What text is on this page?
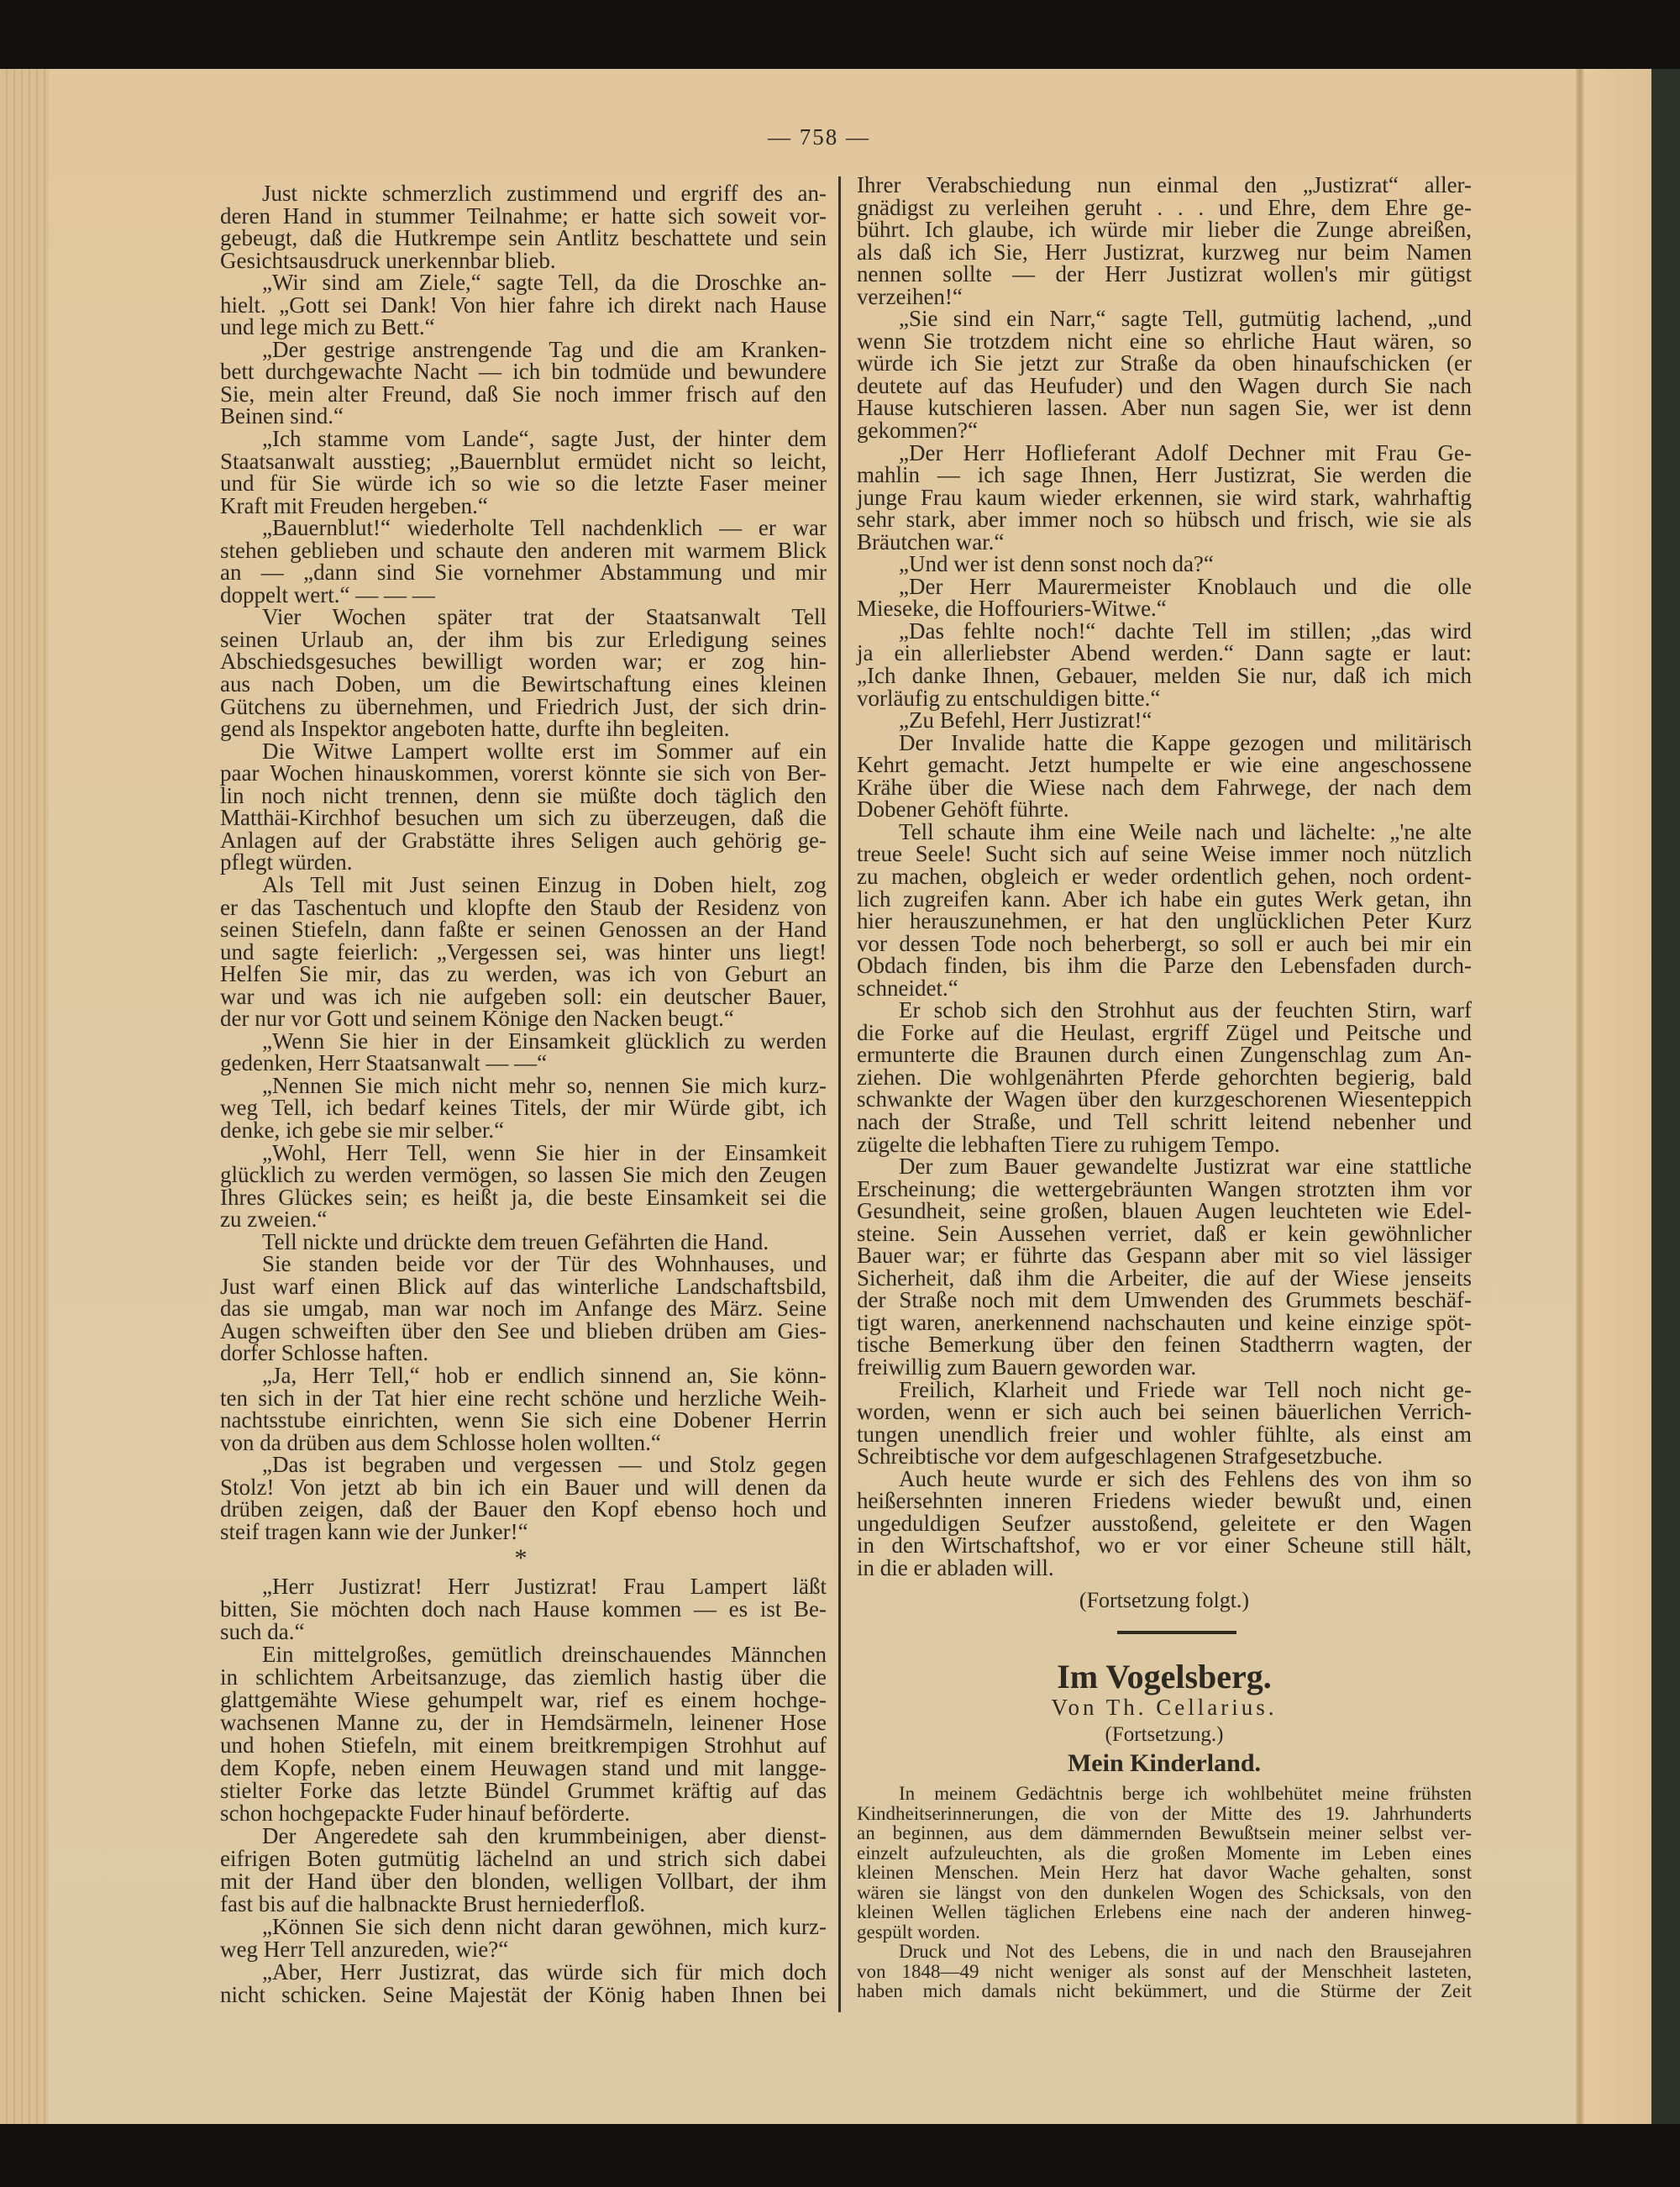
— 758 —
Just nickte schmerzlich zustimmend und ergriff des an-
deren Hand in stummer Teilnahme; er hatte sich soweit vor-
gebeugt, daß die Hutkrempe sein Antlitz beschattete und sein
Gesichtsausdruck unerkennbar blieb.
„Wir sind am Ziele,“ sagte Tell, da die Droschke an-
hielt. „Gott sei Dank! Von hier fahre ich direkt nach Hause
und lege mich zu Bett.“
„Der gestrige anstrengende Tag und die am Kranken-
bett durchgewachte Nacht — ich bin todmüde und bewundere
Sie, mein alter Freund, daß Sie noch immer frisch auf den
Beinen sind.“
„Ich stamme vom Lande“, sagte Just, der hinter dem
Staatsanwalt ausstieg; „Bauernblut ermüdet nicht so leicht,
und für Sie würde ich so wie so die letzte Faser meiner
Kraft mit Freuden hergeben.“
„Bauernblut!“ wiederholte Tell nachdenklich — er war
stehen geblieben und schaute den anderen mit warmem Blick
an — „dann sind Sie vornehmer Abstammung und mir
doppelt wert.“ — — —
Vier Wochen später trat der Staatsanwalt Tell
seinen Urlaub an, der ihm bis zur Erledigung seines
Abschiedsgesuches bewilligt worden war; er zog hin-
aus nach Doben, um die Bewirtschaftung eines kleinen
Gütchens zu übernehmen, und Friedrich Just, der sich drin-
gend als Inspektor angeboten hatte, durfte ihn begleiten.
Die Witwe Lampert wollte erst im Sommer auf ein
paar Wochen hinauskommen, vorerst könnte sie sich von Ber-
lin noch nicht trennen, denn sie müßte doch täglich den
Matthäi-Kirchhof besuchen um sich zu überzeugen, daß die
Anlagen auf der Grabstätte ihres Seligen auch gehörig ge-
pflegt würden.
Als Tell mit Just seinen Einzug in Doben hielt, zog
er das Taschentuch und klopfte den Staub der Residenz von
seinen Stiefeln, dann faßte er seinen Genossen an der Hand
und sagte feierlich: „Vergessen sei, was hinter uns liegt!
Helfen Sie mir, das zu werden, was ich von Geburt an
war und was ich nie aufgeben soll: ein deutscher Bauer,
der nur vor Gott und seinem Könige den Nacken beugt.“
„Wenn Sie hier in der Einsamkeit glücklich zu werden
gedenken, Herr Staatsanwalt — —“
„Nennen Sie mich nicht mehr so, nennen Sie mich kurz-
weg Tell, ich bedarf keines Titels, der mir Würde gibt, ich
denke, ich gebe sie mir selber.“
„Wohl, Herr Tell, wenn Sie hier in der Einsamkeit
glücklich zu werden vermögen, so lassen Sie mich den Zeugen
Ihres Glückes sein; es heißt ja, die beste Einsamkeit sei die
zu zweien.“
Tell nickte und drückte dem treuen Gefährten die Hand.
Sie standen beide vor der Tür des Wohnhauses, und
Just warf einen Blick auf das winterliche Landschaftsbild,
das sie umgab, man war noch im Anfange des März. Seine
Augen schweiften über den See und blieben drüben am Gies-
dorfer Schlosse haften.
„Ja, Herr Tell,“ hob er endlich sinnend an, Sie könn-
ten sich in der Tat hier eine recht schöne und herzliche Weih-
nachtsstube einrichten, wenn Sie sich eine Dobener Herrin
von da drüben aus dem Schlosse holen wollten.“
„Das ist begraben und vergessen — und Stolz gegen
Stolz! Von jetzt ab bin ich ein Bauer und will denen da
drüben zeigen, daß der Bauer den Kopf ebenso hoch und
steif tragen kann wie der Junker!“
*
„Herr Justizrat! Herr Justizrat! Frau Lampert läßt
bitten, Sie möchten doch nach Hause kommen — es ist Be-
such da.“
Ein mittelgroßes, gemütlich dreinschauendes Männchen
in schlichtem Arbeitsanzuge, das ziemlich hastig über die
glattgemähte Wiese gehumpelt war, rief es einem hochge-
wachsenen Manne zu, der in Hemdsärmeln, leinener Hose
und hohen Stiefeln, mit einem breitkrempigen Strohhut auf
dem Kopfe, neben einem Heuwagen stand und mit langge-
stielter Forke das letzte Bündel Grummet kräftig auf das
schon hochgepackte Fuder hinauf beförderte.
Der Angeredete sah den krummbeinigen, aber dienst-
eifrigen Boten gutmütig lächelnd an und strich sich dabei
mit der Hand über den blonden, welligen Vollbart, der ihm
fast bis auf die halbnackte Brust herniederfloß.
„Können Sie sich denn nicht daran gewöhnen, mich kurz-
weg Herr Tell anzureden, wie?“
„Aber, Herr Justizrat, das würde sich für mich doch
nicht schicken. Seine Majestät der König haben Ihnen bei
Ihrer Verabschiedung nun einmal den „Justizrat“ aller-
gnädigst zu verleihen geruht . . . und Ehre, dem Ehre ge-
bührt. Ich glaube, ich würde mir lieber die Zunge abreißen,
als daß ich Sie, Herr Justizrat, kurzweg nur beim Namen
nennen sollte — der Herr Justizrat wollen's mir gütigst
verzeihen!“
„Sie sind ein Narr,“ sagte Tell, gutmütig lachend, „und
wenn Sie trotzdem nicht eine so ehrliche Haut wären, so
würde ich Sie jetzt zur Straße da oben hinaufschicken (er
deutete auf das Heufuder) und den Wagen durch Sie nach
Hause kutschieren lassen. Aber nun sagen Sie, wer ist denn
gekommen?“
„Der Herr Hoflieferant Adolf Dechner mit Frau Ge-
mahlin — ich sage Ihnen, Herr Justizrat, Sie werden die
junge Frau kaum wieder erkennen, sie wird stark, wahrhaftig
sehr stark, aber immer noch so hübsch und frisch, wie sie als
Bräutchen war.“
„Und wer ist denn sonst noch da?“
„Der Herr Maurermeister Knoblauch und die olle
Mieseke, die Hoffouriers-Witwe.“
„Das fehlte noch!“ dachte Tell im stillen; „das wird
ja ein allerliebster Abend werden.“ Dann sagte er laut:
„Ich danke Ihnen, Gebauer, melden Sie nur, daß ich mich
vorläufig zu entschuldigen bitte.“
„Zu Befehl, Herr Justizrat!“
Der Invalide hatte die Kappe gezogen und militärisch
Kehrt gemacht. Jetzt humpelte er wie eine angeschossene
Krähe über die Wiese nach dem Fahrwege, der nach dem
Dobener Gehöft führte.
Tell schaute ihm eine Weile nach und lächelte: „'ne alte
treue Seele! Sucht sich auf seine Weise immer noch nützlich
zu machen, obgleich er weder ordentlich gehen, noch ordent-
lich zugreifen kann. Aber ich habe ein gutes Werk getan, ihn
hier herauszunehmen, er hat den unglücklichen Peter Kurz
vor dessen Tode noch beherbergt, so soll er auch bei mir ein
Obdach finden, bis ihm die Parze den Lebensfaden durch-
schneidet.“
Er schob sich den Strohhut aus der feuchten Stirn, warf
die Forke auf die Heulast, ergriff Zügel und Peitsche und
ermunterte die Braunen durch einen Zungenschlag zum An-
ziehen. Die wohlgenährten Pferde gehorchten begierig, bald
schwankte der Wagen über den kurzgeschorenen Wiesenteppich
nach der Straße, und Tell schritt leitend nebenher und
zügelte die lebhaften Tiere zu ruhigem Tempo.
Der zum Bauer gewandelte Justizrat war eine stattliche
Erscheinung; die wettergebräunten Wangen strotzten ihm vor
Gesundheit, seine großen, blauen Augen leuchteten wie Edel-
steine. Sein Aussehen verriet, daß er kein gewöhnlicher
Bauer war; er führte das Gespann aber mit so viel lässiger
Sicherheit, daß ihm die Arbeiter, die auf der Wiese jenseits
der Straße noch mit dem Umwenden des Grummets beschäf-
tigt waren, anerkennend nachschauten und keine einzige spöt-
tische Bemerkung über den feinen Stadtherrn wagten, der
freiwillig zum Bauern geworden war.
Freilich, Klarheit und Friede war Tell noch nicht ge-
worden, wenn er sich auch bei seinen bäuerlichen Verrich-
tungen unendlich freier und wohler fühlte, als einst am
Schreibtische vor dem aufgeschlagenen Strafgesetzbuche.
Auch heute wurde er sich des Fehlens des von ihm so
heißersehnten inneren Friedens wieder bewußt und, einen
ungeduldigen Seufzer ausstoßend, geleitete er den Wagen
in den Wirtschaftshof, wo er vor einer Scheune still hält,
in die er abladen will.
(Fortsetzung folgt.)
Im Vogelsberg.
Von Th. Cellarius.
(Fortsetzung.)
Mein Kinderland.
In meinem Gedächtnis berge ich wohlbehütet meine frühsten
Kindheitserinnerungen, die von der Mitte des 19. Jahrhunderts
an beginnen, aus dem dämmernden Bewußtsein meiner selbst ver-
einzelt aufzuleuchten, als die großen Momente im Leben eines
kleinen Menschen. Mein Herz hat davor Wache gehalten, sonst
wären sie längst von den dunkelen Wogen des Schicksals, von den
kleinen Wellen täglichen Erlebens eine nach der anderen hinweg-
gespült worden.
Druck und Not des Lebens, die in und nach den Brausejahren
von 1848—49 nicht weniger als sonst auf der Menschheit lasteten,
haben mich damals nicht bekümmert, und die Stürme der Zeit
